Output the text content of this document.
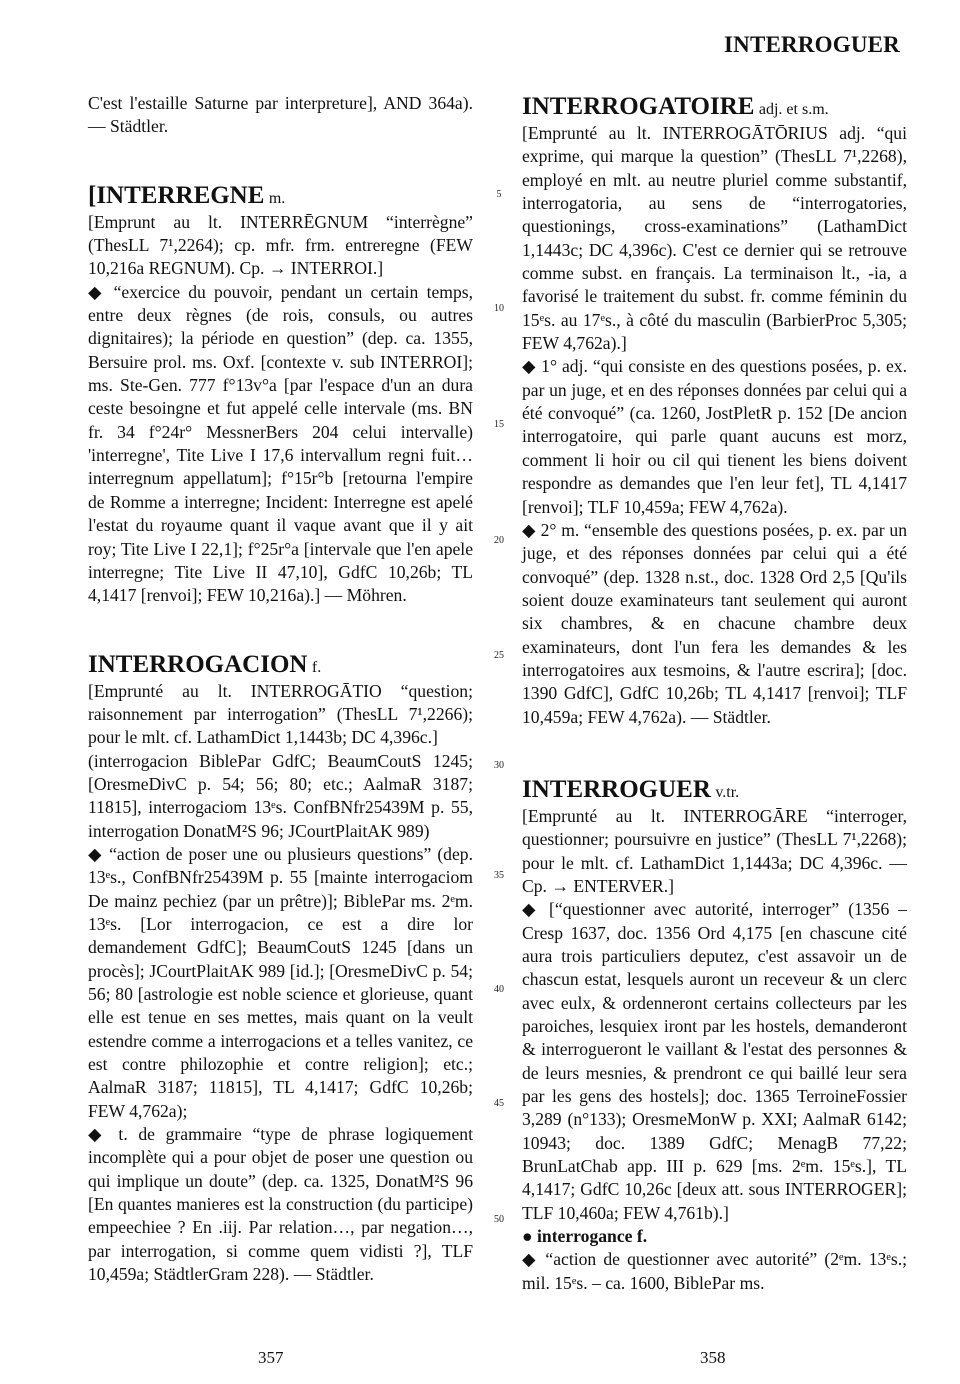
INTERROGUER

C'est l'estaille Saturne par interpreture], AND 364a). — Städtler.

[INTERREGNE m.

[Emprunt au lt. INTERRĒGNUM “interrègne” (ThesLL 7¹,2264); cp. mfr. frm. entreregne (FEW 10,216a REGNUM). Cp. → INTERROI.]

◆ “exercice du pouvoir, pendant un certain temps, entre deux règnes (de rois, consuls, ou autres dignitaires); la période en question” (dep. ca. 1355, Bersuire prol. ms. Oxf. [contexte v. sub INTERROI]; ms. Ste-Gen. 777 f°13v°a [par l'espace d'un an dura ceste besoingne et fut appelé celle intervale (ms. BN fr. 34 f°24r° MessnerBers 204 celui intervalle) 'interregne', Tite Live I 17,6 intervallum regni fuit… interregnum appellatum]; f°15r°b [retourna l'empire de Romme a interregne; Incident: Interregne est apelé l'estat du royaume quant il vaque avant que il y ait roy; Tite Live I 22,1]; f°25r°a [intervale que l'en apele interregne; Tite Live II 47,10], GdfC 10,26b; TL 4,1417 [renvoi]; FEW 10,216a).] — Möhren.

INTERROGACION f.

[Emprunté au lt. INTERROGĀTIO “question; raisonnement par interrogation” (ThesLL 7¹,2266); pour le mlt. cf. LathamDict 1,1443b; DC 4,396c.]

(interrogacion BiblePar GdfC; BeaumCoutS 1245; [OresmeDivC p. 54; 56; 80; etc.; AalmaR 3187; 11815], interrogaciom 13ᵉs. ConfBNfr25439M p. 55, interrogation DonatM²S 96; JCourtPlaitAK 989)

◆ “action de poser une ou plusieurs questions” (dep. 13ᵉs., ConfBNfr25439M p. 55 [mainte interrogaciom De mainz pechiez (par un prêtre)]; BiblePar ms. 2ᵉm. 13ᵉs. [Lor interrogacion, ce est a dire lor demandement GdfC]; BeaumCoutS 1245 [dans un procès]; JCourtPlaitAK 989 [id.]; [OresmeDivC p. 54; 56; 80 [astrologie est noble science et glorieuse, quant elle est tenue en ses mettes, mais quant on la veult estendre comme a interrogacions et a telles vanitez, ce est contre philozophie et contre religion]; etc.; AalmaR 3187; 11815], TL 4,1417; GdfC 10,26b; FEW 4,762a);

◆ t. de grammaire “type de phrase logiquement incomplète qui a pour objet de poser une question ou qui implique un doute” (dep. ca. 1325, DonatM²S 96 [En quantes manieres est la construction (du participe) empeechiee ? En .iij. Par relation…, par negation…, par interrogation, si comme quem vidisti ?], TLF 10,459a; StädtlerGram 228). — Städtler.

5
10
15
20
25
30
35
40
45
50

INTERROGATOIRE adj. et s.m.

[Emprunté au lt. INTERROGĀTŌRIUS adj. “qui exprime, qui marque la question” (ThesLL 7¹,2268), employé en mlt. au neutre pluriel comme substantif, interrogatoria, au sens de “interrogatories, questionings, cross-examinations” (LathamDict 1,1443c; DC 4,396c). C'est ce dernier qui se retrouve comme subst. en français. La terminaison lt., -ia, a favorisé le traitement du subst. fr. comme féminin du 15ᵉs. au 17ᵉs., à côté du masculin (BarbierProc 5,305; FEW 4,762a).]

◆ 1° adj. “qui consiste en des questions posées, p. ex. par un juge, et en des réponses données par celui qui a été convoqué” (ca. 1260, JostPletR p. 152 [De ancion interrogatoire, qui parle quant aucuns est morz, comment li hoir ou cil qui tienent les biens doivent respondre as demandes que l'en leur fet], TL 4,1417 [renvoi]; TLF 10,459a; FEW 4,762a).

◆ 2° m. “ensemble des questions posées, p. ex. par un juge, et des réponses données par celui qui a été convoqué” (dep. 1328 n.st., doc. 1328 Ord 2,5 [Qu'ils soient douze examinateurs tant seulement qui auront six chambres, & en chacune chambre deux examinateurs, dont l'un fera les demandes & les interrogatoires aux tesmoins, & l'autre escrira]; [doc. 1390 GdfC], GdfC 10,26b; TL 4,1417 [renvoi]; TLF 10,459a; FEW 4,762a). — Städtler.

INTERROGUER v.tr.

[Emprunté au lt. INTERROGĀRE “interroger, questionner; poursuivre en justice” (ThesLL 7¹,2268); pour le mlt. cf. LathamDict 1,1443a; DC 4,396c. — Cp. → ENTERVER.]

◆ [“questionner avec autorité, interroger” (1356 – Cresp 1637, doc. 1356 Ord 4,175 [en chascune cité aura trois particuliers deputez, c'est assavoir un de chascun estat, lesquels auront un receveur & un clerc avec eulx, & ordenneront certains collecteurs par les paroiches, lesquiex iront par les hostels, demanderont & interrogueront le vaillant & l'estat des personnes & de leurs mesnies, & prendront ce qui baillé leur sera par les gens des hostels]; doc. 1365 TerroineFossier 3,289 (n°133); OresmeMonW p. XXI; AalmaR 6142; 10943; doc. 1389 GdfC; MenagB 77,22; BrunLatChab app. III p. 629 [ms. 2ᵉm. 15ᵉs.], TL 4,1417; GdfC 10,26c [deux att. sous INTERROGER]; TLF 10,460a; FEW 4,761b).]

● interrogance f.

◆ “action de questionner avec autorité” (2ᵉm. 13ᵉs.; mil. 15ᵉs. – ca. 1600, BiblePar ms.

357	358
